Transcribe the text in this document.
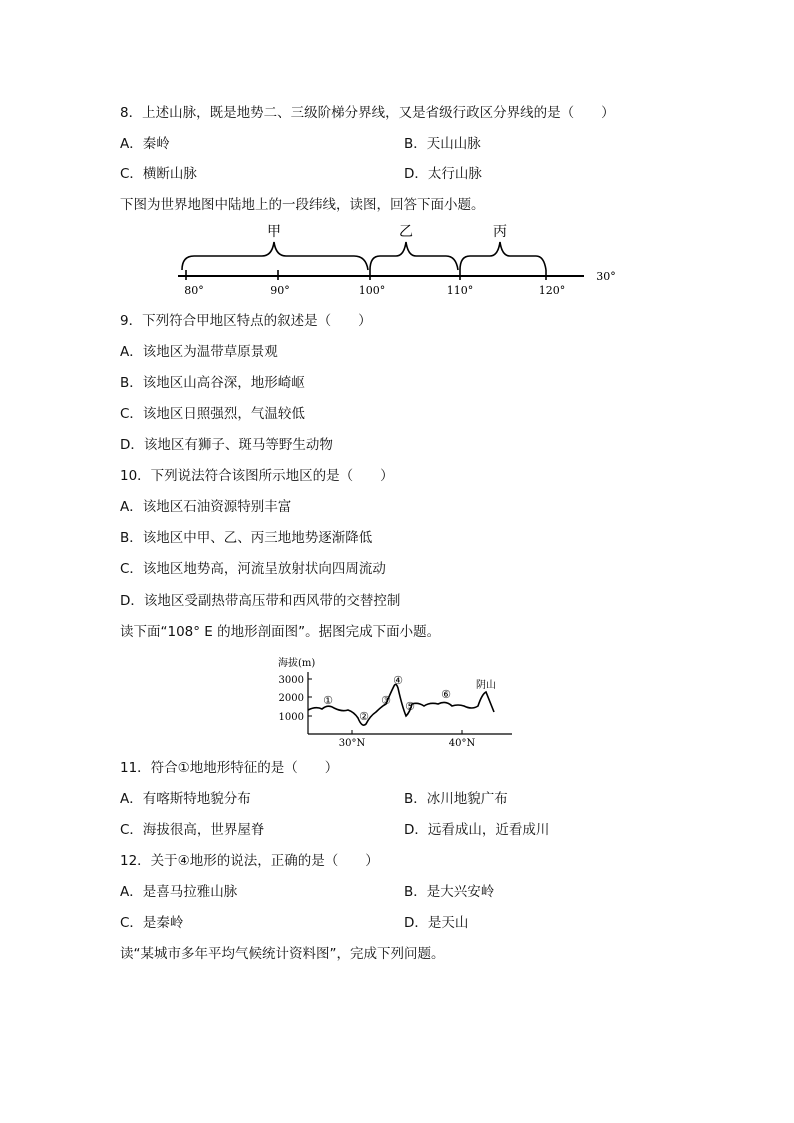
8．上述山脉，既是地势二、三级阶梯分界线，又是省级行政区分界线的是（　　）
A．秦岭	B．天山山脉
C．横断山脉	D．太行山脉
下图为世界地图中陆地上的一段纬线，读图，回答下面小题。
甲	乙	丙
80°	90°	100°	110°	120°
30°
9．下列符合甲地区特点的叙述是（　　）
A．该地区为温带草原景观
B．该地区山高谷深，地形崎岖
C．该地区日照强烈，气温较低
D．该地区有狮子、斑马等野生动物
10．下列说法符合该图所示地区的是（　　）
A．该地区石油资源特别丰富
B．该地区中甲、乙、丙三地地势逐渐降低
C．该地区地势高，河流呈放射状向四周流动
D．该地区受副热带高压带和西风带的交替控制
读下面“108° E 的地形剖面图”。据图完成下面小题。
海拔(m)
3000
2000
1000
①
②
③
④
⑤
⑥
阴山
30°N	40°N
11．符合①地地形特征的是（　　）
A．有喀斯特地貌分布	B．冰川地貌广布
C．海拔很高，世界屋脊	D．远看成山，近看成川
12．关于④地形的说法，正确的是（　　）
A．是喜马拉雅山脉	B．是大兴安岭
C．是秦岭	D．是天山
读“某城市多年平均气候统计资料图”，完成下列问题。
